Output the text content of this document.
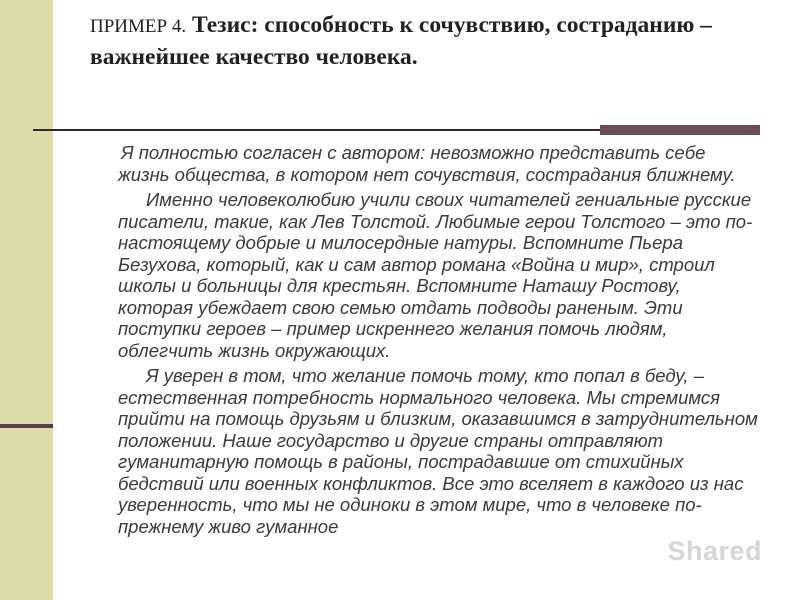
ПРИМЕР 4. Тезис: способность к сочувствию, состраданию – важнейшее качество человека.

Я полностью согласен с автором: невозможно представить себе жизнь общества, в котором нет сочувствия, сострадания ближнему.

Именно человеколюбию учили своих читателей гениальные русские писатели, такие, как Лев Толстой. Любимые герои Толстого – это по-настоящему добрые и милосердные натуры. Вспомните Пьера Безухова, который, как и сам автор романа «Война и мир», строил школы и больницы для крестьян. Вспомните Наташу Ростову, которая убеждает свою семью отдать подводы раненым. Эти поступки героев – пример искреннего желания помочь людям, облегчить жизнь окружающих.

Я уверен в том, что желание помочь тому, кто попал в беду, – естественная потребность нормального человека. Мы стремимся прийти на помощь друзьям и близким, оказавшимся в затруднительном положении. Наше государство и другие страны отправляют гуманитарную помощь в районы, пострадавшие от стихийных бедствий или военных конфликтов. Все это вселяет в каждого из нас уверенность, что мы не одиноки в этом мире, что в человеке по-прежнему живо гуманное

Shared
